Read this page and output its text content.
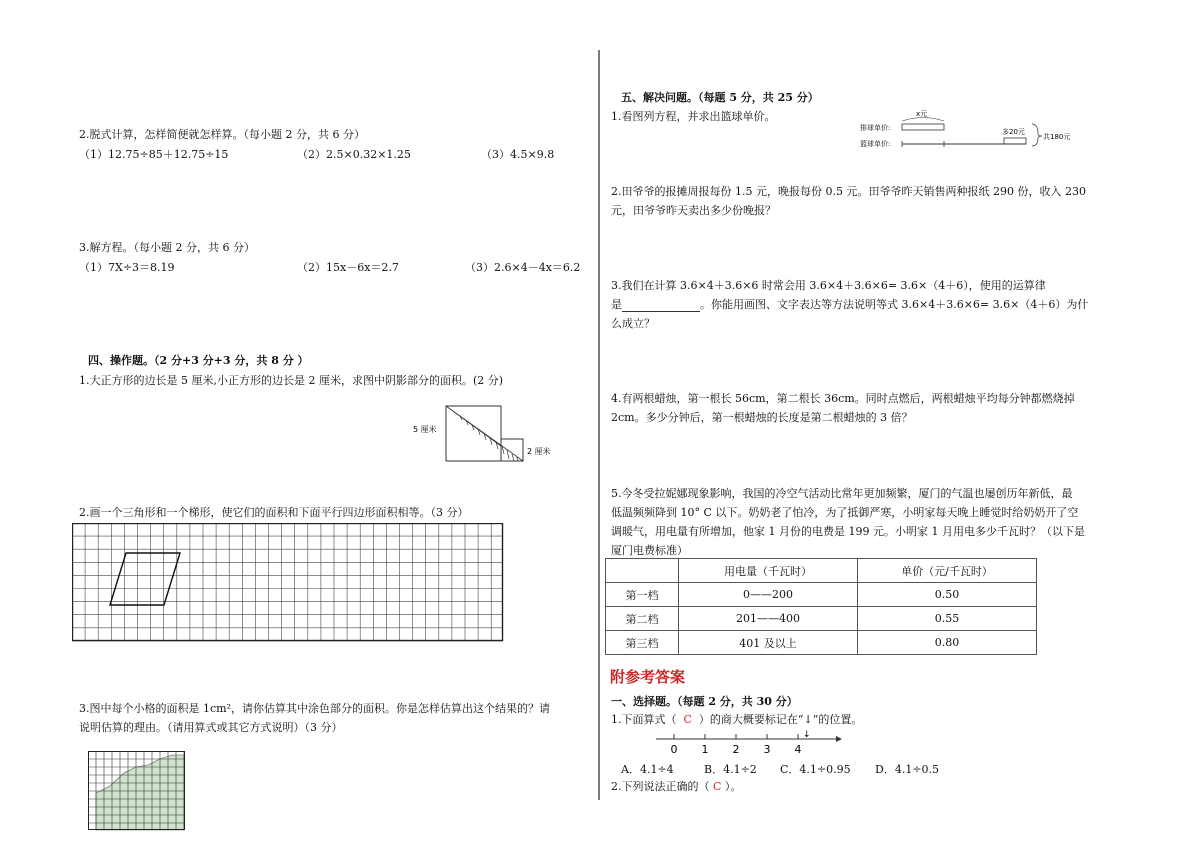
2.脱式计算，怎样简便就怎样算。（每小题 2 分，共 6 分）
（1）12.75÷85＋12.75÷15	（2）2.5×0.32×1.25	（3）4.5×9.8
3.解方程。（每小题 2 分，共 6 分）
（1）7X÷3＝8.19	（2）15x－6x＝2.7	（3）2.6×4－4x＝6.2
四、操作题。（2 分+3 分+3 分，共 8 分 ）
1.大正方形的边长是 5 厘米,小正方形的边长是 2 厘米，求图中阴影部分的面积。(2 分)
5 厘米
2 厘米
2.画一个三角形和一个梯形，使它们的面积和下面平行四边形面积相等。（3 分）
3.图中每个小格的面积是 1cm²，请你估算其中涂色部分的面积。你是怎样估算出这个结果的？请
说明估算的理由。（请用算式或其它方式说明）（3 分）
五、解决问题。（每题 5 分，共 25 分）
1.看图列方程，并求出篮球单价。
排球单价:
篮球单价:
x元
多20元
共180元
2.田爷爷的报摊周报每份 1.5 元，晚报每份 0.5 元。田爷爷昨天销售两种报纸 290 份，收入 230
元，田爷爷昨天卖出多少份晚报？
3.我们在计算 3.6×4＋3.6×6 时常会用 3.6×4＋3.6×6= 3.6×（4＋6），使用的运算律
是	。你能用画图、文字表达等方法说明等式 3.6×4＋3.6×6= 3.6×（4＋6）为什
么成立？
4.有两根蜡烛，第一根长 56cm，第二根长 36cm。同时点燃后，两根蜡烛平均每分钟都燃烧掉
2cm。多少分钟后，第一根蜡烛的长度是第二根蜡烛的 3 倍？
5.今冬受拉妮娜现象影响，我国的冷空气活动比常年更加频繁，厦门的气温也屡创历年新低，最
低温频频降到 10° C 以下。奶奶老了怕冷，为了抵御严寒，小明家每天晚上睡觉时给奶奶开了空
调暖气，用电量有所增加，他家 1 月份的电费是 199 元。小明家 1 月用电多少千瓦时？（以下是
厦门电费标准）
	用电量（千瓦时）	单价（元/千瓦时）
第一档	0——200	0.50
第二档	201——400	0.55
第三档	401 及以上	0.80
附参考答案
一、选择题。（每题 2 分，共 30 分）
1.下面算式（ C ）的商大概要标记在“↓”的位置。
↓
0 1 2 3 4
A．4.1÷4	B．4.1÷2 C．4.1÷0.95 D．4.1÷0.5
2.下列说法正确的（ C ）。
